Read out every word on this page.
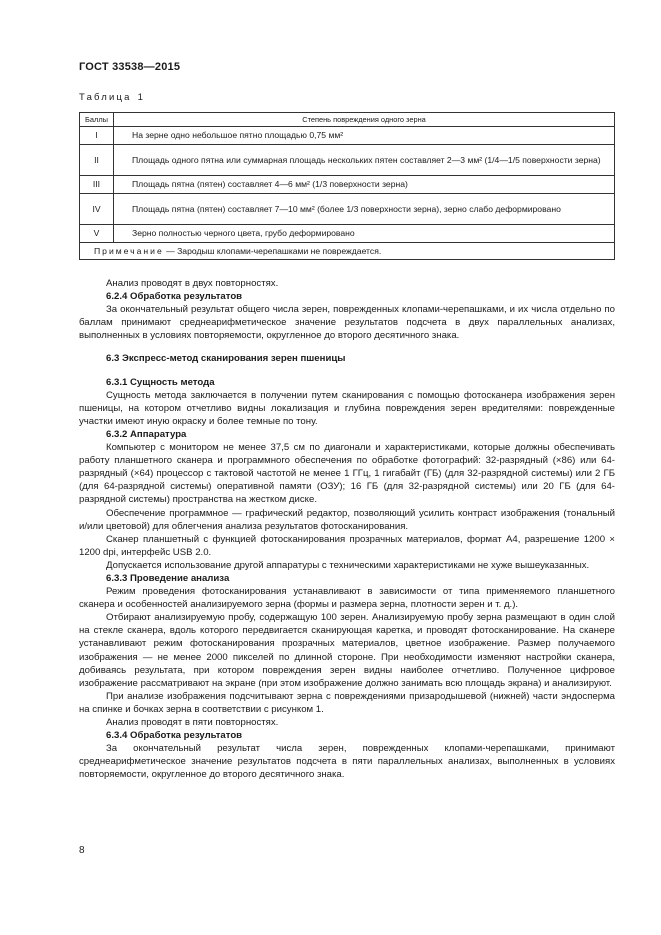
ГОСТ 33538—2015
Таблица 1
Баллы	Степень повреждения одного зерна
I	На зерне одно небольшое пятно площадью 0,75 мм²

II	Площадь одного пятна или суммарная площадь нескольких пятен составляет 2—3 мм² (1/4—1/5 поверхности зерна)

III	Площадь пятна (пятен) составляет 4—6 мм² (1/3 поверхности зерна)

IV	Площадь пятна (пятен) составляет 7—10 мм² (более 1/3 поверхности зерна), зерно слабо деформировано

V	Зерно полностью черного цвета, грубо деформировано

Примечание — Зародыш клопами-черепашками не повреждается.	

Анализ проводят в двух повторностях.

6.2.4 Обработка результатов

За окончательный результат общего числа зерен, поврежденных клопами-черепашками, и их числа отдельно по баллам принимают среднеарифметическое значение результатов подсчета в двух параллельных анализах, выполненных в условиях повторяемости, округленное до второго десятичного знака.

6.3 Экспресс-метод сканирования зерен пшеницы

6.3.1 Сущность метода

Сущность метода заключается в получении путем сканирования с помощью фотосканера изображения зерен пшеницы, на котором отчетливо видны локализация и глубина повреждения зерен вредителями: поврежденные участки имеют иную окраску и более темные по тону.

6.3.2 Аппаратура

Компьютер с монитором не менее 37,5 см по диагонали и характеристиками, которые должны обеспечивать работу планшетного сканера и программного обеспечения по обработке фотографий: 32-разрядный (×86) или 64-разрядный (×64) процессор с тактовой частотой не менее 1 ГГц, 1 гигабайт (ГБ) (для 32-разрядной системы) или 2 ГБ (для 64-разрядной системы) оперативной памяти (ОЗУ); 16 ГБ (для 32-разрядной системы) или 20 ГБ (для 64-разрядной системы) пространства на жестком диске.

Обеспечение программное — графический редактор, позволяющий усилить контраст изображения (тональный и/или цветовой) для облегчения анализа результатов фотосканирования.

Сканер планшетный с функцией фотосканирования прозрачных материалов, формат А4, разрешение 1200 × 1200 dpi, интерфейс USB 2.0.

Допускается использование другой аппаратуры с техническими характеристиками не хуже вышеуказанных.

6.3.3 Проведение анализа

Режим проведения фотосканирования устанавливают в зависимости от типа применяемого планшетного сканера и особенностей анализируемого зерна (формы и размера зерна, плотности зерен и т. д.).

Отбирают анализируемую пробу, содержащую 100 зерен. Анализируемую пробу зерна размещают в один слой на стекле сканера, вдоль которого передвигается сканирующая каретка, и проводят фотосканирование. На сканере устанавливают режим фотосканирования прозрачных материалов, цветное изображение. Размер получаемого изображения — не менее 2000 пикселей по длинной стороне. При необходимости изменяют настройки сканера, добиваясь результата, при котором повреждения зерен видны наиболее отчетливо. Полученное цифровое изображение рассматривают на экране (при этом изображение должно занимать всю площадь экрана) и анализируют.

При анализе изображения подсчитывают зерна с повреждениями призародышевой (нижней) части эндосперма на спинке и бочках зерна в соответствии с рисунком 1.

Анализ проводят в пяти повторностях.

6.3.4 Обработка результатов

За окончательный результат числа зерен, поврежденных клопами-черепашками, принимают среднеарифметическое значение результатов подсчета в пяти параллельных анализах, выполненных в условиях повторяемости, округленное до второго десятичного знака.

8
